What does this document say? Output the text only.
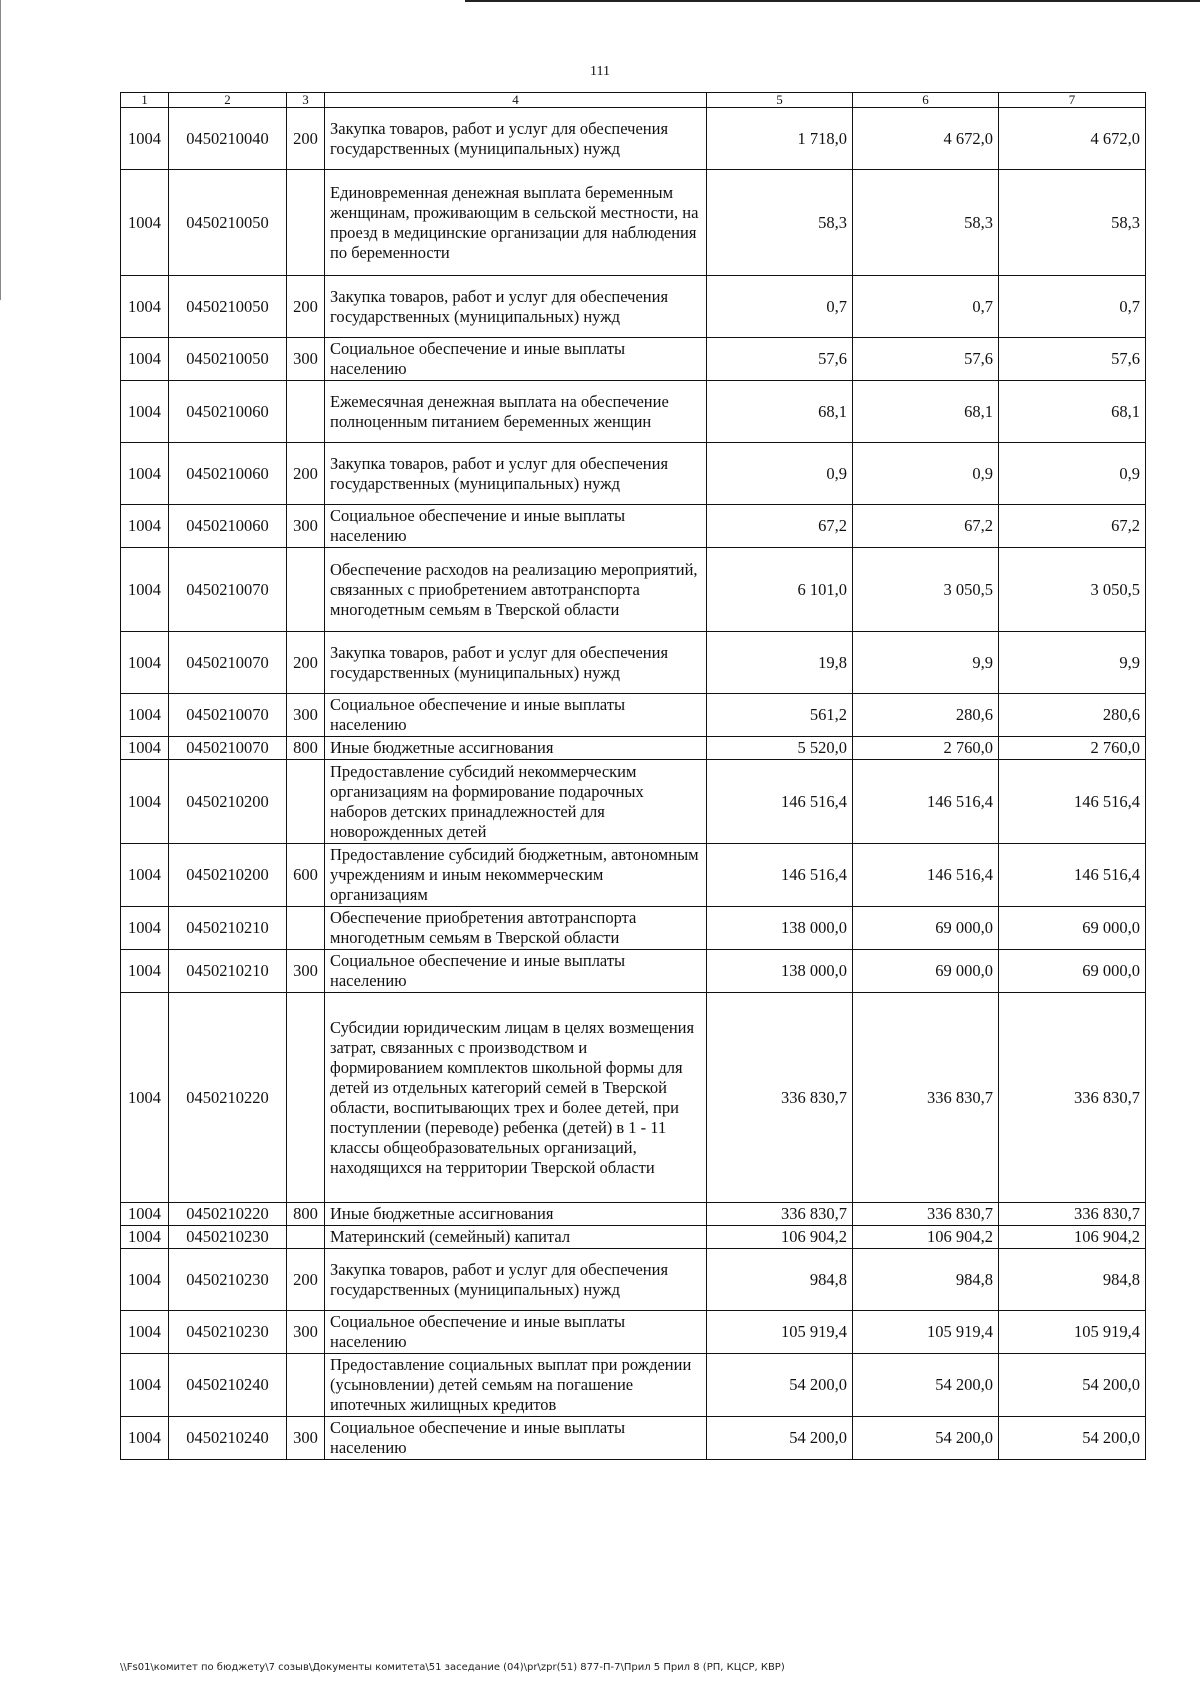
111
1	2	3	4	5	6	7
1004	0450210040	200	Закупка товаров, работ и услуг для обеспечения государственных (муниципальных) нужд	1 718,0	4 672,0	4 672,0
1004	0450210050		Единовременная денежная выплата беременным женщинам, проживающим в сельской местности, на проезд в медицинские организации для наблюдения по беременности	58,3	58,3	58,3
1004	0450210050	200	Закупка товаров, работ и услуг для обеспечения государственных (муниципальных) нужд	0,7	0,7	0,7
1004	0450210050	300	Социальное обеспечение и иные выплаты населению	57,6	57,6	57,6
1004	0450210060		Ежемесячная денежная выплата на обеспечение полноценным питанием беременных женщин	68,1	68,1	68,1
1004	0450210060	200	Закупка товаров, работ и услуг для обеспечения государственных (муниципальных) нужд	0,9	0,9	0,9
1004	0450210060	300	Социальное обеспечение и иные выплаты населению	67,2	67,2	67,2
1004	0450210070		Обеспечение расходов на реализацию мероприятий, связанных с приобретением автотранспорта многодетным семьям в Тверской области	6 101,0	3 050,5	3 050,5
1004	0450210070	200	Закупка товаров, работ и услуг для обеспечения государственных (муниципальных) нужд	19,8	9,9	9,9
1004	0450210070	300	Социальное обеспечение и иные выплаты населению	561,2	280,6	280,6
1004	0450210070	800	Иные бюджетные ассигнования	5 520,0	2 760,0	2 760,0
1004	0450210200		Предоставление субсидий некоммерческим организациям на формирование подарочных наборов детских принадлежностей для новорожденных детей	146 516,4	146 516,4	146 516,4
1004	0450210200	600	Предоставление субсидий бюджетным, автономным учреждениям и иным некоммерческим организациям	146 516,4	146 516,4	146 516,4
1004	0450210210		Обеспечение приобретения автотранспорта многодетным семьям в Тверской области	138 000,0	69 000,0	69 000,0
1004	0450210210	300	Социальное обеспечение и иные выплаты населению	138 000,0	69 000,0	69 000,0
1004	0450210220		Субсидии юридическим лицам в целях возмещения затрат, связанных с производством и формированием комплектов школьной формы для детей из отдельных категорий семей в Тверской области, воспитывающих трех и более детей, при поступлении (переводе) ребенка (детей) в 1 - 11 классы общеобразовательных организаций, находящихся на территории Тверской области	336 830,7	336 830,7	336 830,7
1004	0450210220	800	Иные бюджетные ассигнования	336 830,7	336 830,7	336 830,7
1004	0450210230		Материнский (семейный) капитал	106 904,2	106 904,2	106 904,2
1004	0450210230	200	Закупка товаров, работ и услуг для обеспечения государственных (муниципальных) нужд	984,8	984,8	984,8
1004	0450210230	300	Социальное обеспечение и иные выплаты населению	105 919,4	105 919,4	105 919,4
1004	0450210240		Предоставление социальных выплат при рождении (усыновлении) детей семьям на погашение ипотечных жилищных кредитов	54 200,0	54 200,0	54 200,0
1004	0450210240	300	Социальное обеспечение и иные выплаты населению	54 200,0	54 200,0	54 200,0
\\Fs01\комитет по бюджету\7 созыв\Документы комитета\51 заседание (04)\pr\zpr(51) 877-П-7\Прил 5 Прил 8 (РП, КЦСР, КВР)
